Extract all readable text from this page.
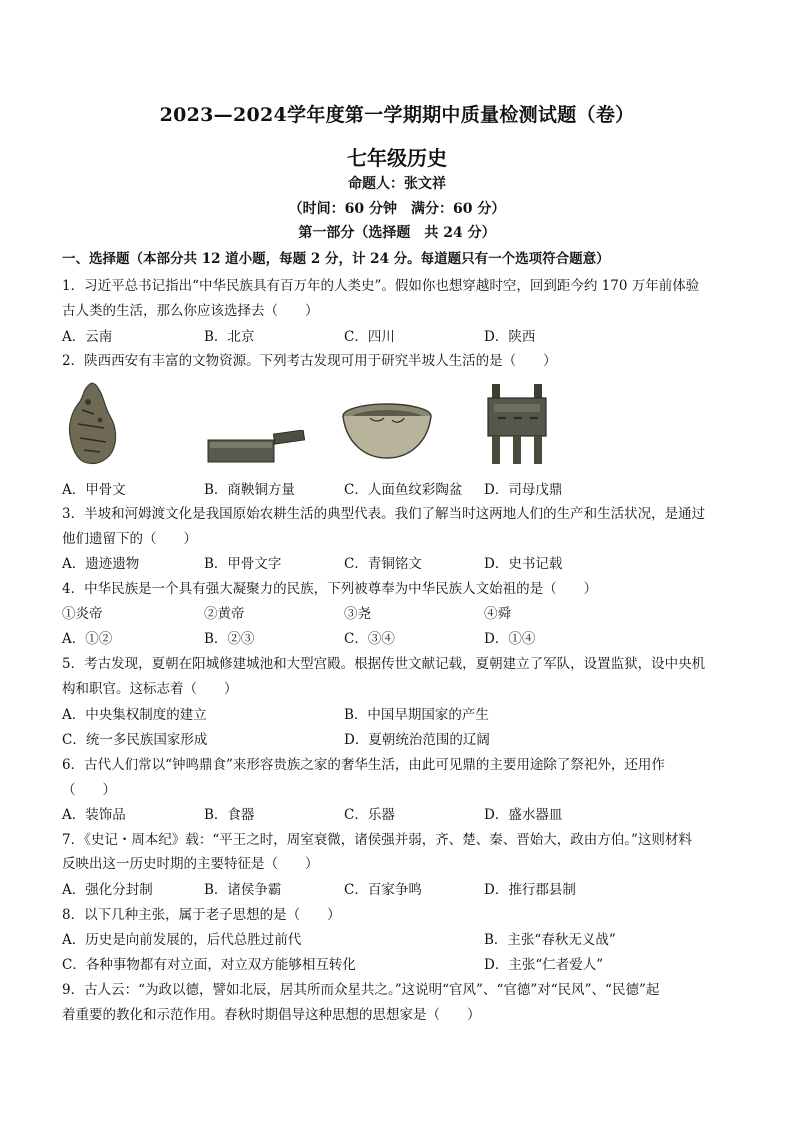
2023—2024学年度第一学期期中质量检测试题（卷）
七年级历史
命题人：张文祥
（时间：60 分钟　满分：60 分）
第一部分（选择题　共 24 分）
一、选择题（本部分共 12 道小题，每题 2 分，计 24 分。每道题只有一个选项符合题意）
1．习近平总书记指出“中华民族具有百万年的人类史”。假如你也想穿越时空，回到距今约 170 万年前体验
古人类的生活，那么你应该选择去（　　）
A．云南	B．北京	C．四川	D．陕西
2．陕西西安有丰富的文物资源。下列考古发现可用于研究半坡人生活的是（　　）
A．甲骨文	B．商鞅铜方量	C．人面鱼纹彩陶盆 D．司母戊鼎
3．半坡和河姆渡文化是我国原始农耕生活的典型代表。我们了解当时这两地人们的生产和生活状况，是通过
他们遗留下的（　　）
A．遗迹遗物	B．甲骨文字	C．青铜铭文	D．史书记载
4．中华民族是一个具有强大凝聚力的民族，下列被尊奉为中华民族人文始祖的是（　　）
①炎帝	②黄帝	③尧	④舜
A．①②	B．②③	C．③④	D．①④
5．考古发现，夏朝在阳城修建城池和大型宫殿。根据传世文献记载，夏朝建立了军队，设置监狱，设中央机
构和职官。这标志着（　　）
A．中央集权制度的建立	B．中国早期国家的产生
C．统一多民族国家形成	D．夏朝统治范围的辽阔
6．古代人们常以“钟鸣鼎食”来形容贵族之家的奢华生活，由此可见鼎的主要用途除了祭祀外，还用作
（　　）
A．装饰品	B．食器	C．乐器	D．盛水器皿
7．《史记・周本纪》载：“平王之时，周室衰微，诸侯强并弱，齐、楚、秦、晋始大，政由方伯。”这则材料
反映出这一历史时期的主要特征是（　　）
A．强化分封制	B．诸侯争霸	C．百家争鸣	D．推行郡县制
8．以下几种主张，属于老子思想的是（　　）
A．历史是向前发展的，后代总胜过前代	B．主张“春秋无义战”
C．各种事物都有对立面，对立双方能够相互转化	D．主张“仁者爱人”
9．古人云：“为政以德，譬如北辰，居其所而众星共之。”这说明“官风”、“官德”对“民风”、“民德”起
着重要的教化和示范作用。春秋时期倡导这种思想的思想家是（　　）
